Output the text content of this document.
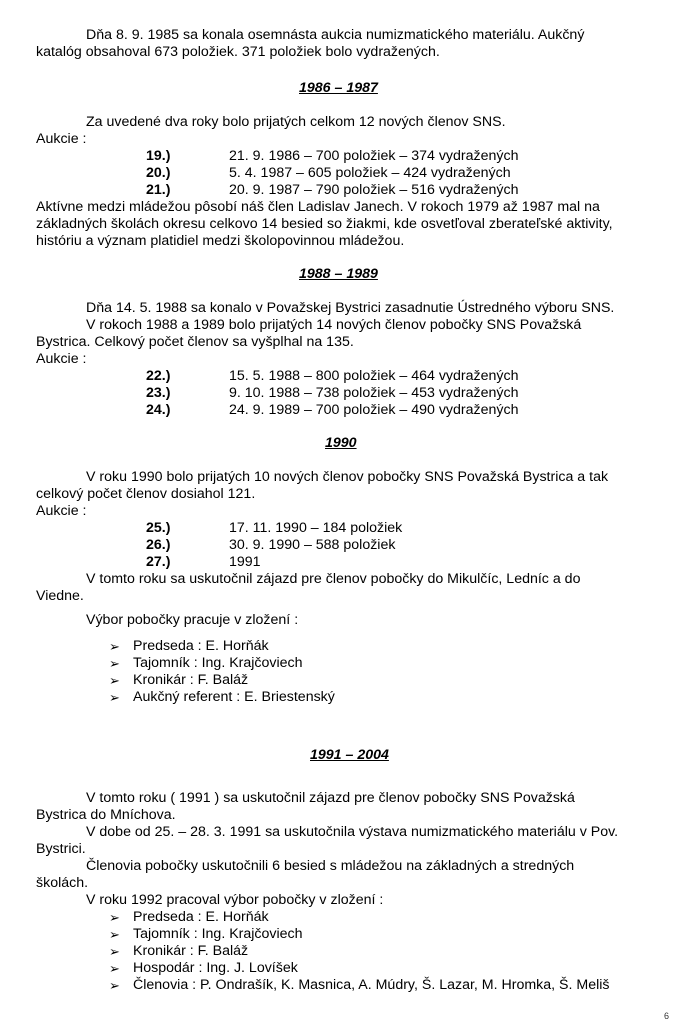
Dňa 8. 9. 1985 sa konala osemnásta aukcia numizmatického materiálu. Aukčný
katalóg obsahoval 673 položiek. 371 položiek bolo vydražených.
1986 – 1987
Za uvedené dva roky bolo prijatých celkom 12 nových členov SNS.
Aukcie :
19.)	21. 9. 1986 – 700 položiek – 374 vydražených
20.)	5. 4. 1987 – 605 položiek – 424 vydražených
21.)	20. 9. 1987 – 790 položiek – 516 vydražených
Aktívne medzi mládežou pôsobí náš člen Ladislav Janech. V rokoch 1979 až 1987 mal na
základných školách okresu celkovo 14 besied so žiakmi, kde osvetľoval zberateľské aktivity,
históriu a význam platidiel medzi školopovinnou mládežou.
1988 – 1989
Dňa 14. 5. 1988 sa konalo v Považskej Bystrici zasadnutie Ústredného výboru SNS.
V rokoch 1988 a 1989 bolo prijatých 14 nových členov pobočky SNS Považská
Bystrica. Celkový počet členov sa vyšplhal na 135.
Aukcie :
22.)	15. 5. 1988 – 800 položiek – 464 vydražených
23.)	9. 10. 1988 – 738 položiek – 453 vydražených
24.)	24. 9. 1989 – 700 položiek – 490 vydražených
1990
V roku 1990 bolo prijatých 10 nových členov pobočky SNS Považská Bystrica a tak
celkový počet členov dosiahol 121.
Aukcie :
25.)	17. 11. 1990 – 184 položiek
26.)	30. 9. 1990 – 588 položiek
27.)	1991
V tomto roku sa uskutočnil zájazd pre členov pobočky do Mikulčíc, Ledníc a do
Viedne.
Výbor pobočky pracuje v zložení :
➢ Predseda : E. Horňák
➢ Tajomník : Ing. Krajčoviech
➢ Kronikár : F. Baláž
➢ Aukčný referent : E. Briestenský
1991 – 2004
V tomto roku ( 1991 ) sa uskutočnil zájazd pre členov pobočky SNS Považská
Bystrica do Mníchova.
V dobe od 25. – 28. 3. 1991 sa uskutočnila výstava numizmatického materiálu v Pov.
Bystrici.
Členovia pobočky uskutočnili 6 besied s mládežou na základných a stredných
školách.
V roku 1992 pracoval výbor pobočky v zložení :
➢ Predseda : E. Horňák
➢ Tajomník : Ing. Krajčoviech
➢ Kronikár : F. Baláž
➢ Hospodár : Ing. J. Lovíšek
➢ Členovia : P. Ondrašík, K. Masnica, A. Múdry, Š. Lazar, M. Hromka, Š. Meliš
6
